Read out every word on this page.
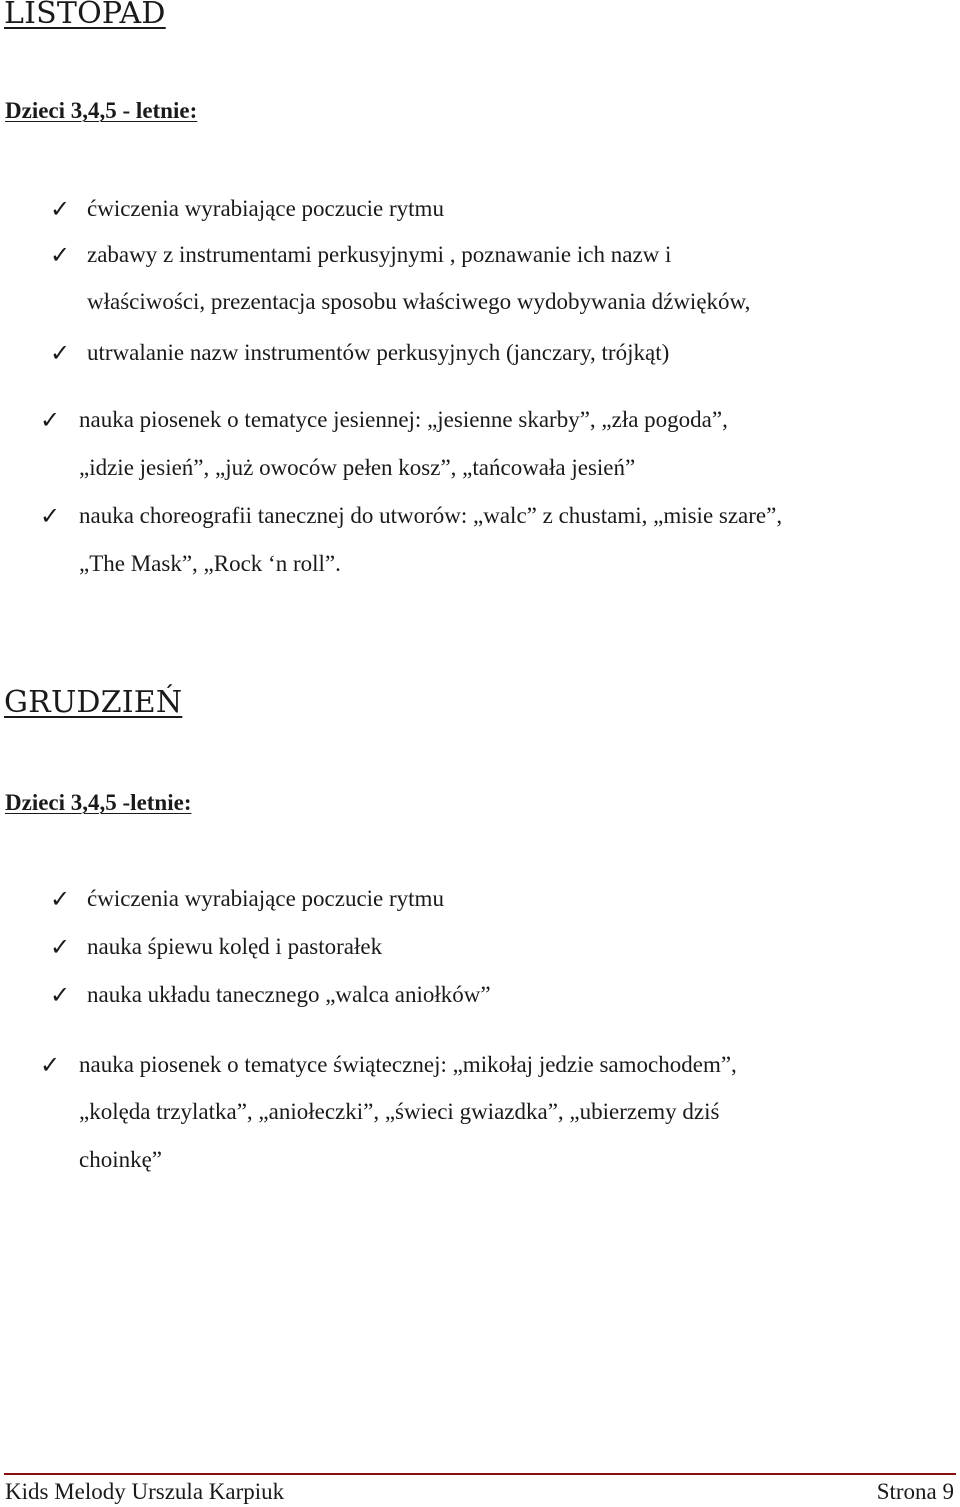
LISTOPAD
Dzieci 3,4,5 - letnie:
✓ ćwiczenia wyrabiające poczucie rytmu
✓ zabawy z instrumentami perkusyjnymi , poznawanie ich nazw i
właściwości, prezentacja sposobu właściwego wydobywania dźwięków,
✓ utrwalanie nazw instrumentów perkusyjnych (janczary, trójkąt)
✓ nauka piosenek o tematyce jesiennej: „jesienne skarby”, „zła pogoda”,
„idzie jesień”, „już owoców pełen kosz”, „tańcowała jesień”
✓ nauka choreografii tanecznej do utworów: „walc” z chustami, „misie szare”,
„The Mask”, „Rock ‘n roll”.
GRUDZIEŃ
Dzieci 3,4,5 -letnie:
✓ ćwiczenia wyrabiające poczucie rytmu
✓ nauka śpiewu kolęd i pastorałek
✓ nauka układu tanecznego „walca aniołków”
✓ nauka piosenek o tematyce świątecznej: „mikołaj jedzie samochodem”,
„kolęda trzylatka”, „aniołeczki”, „świeci gwiazdka”, „ubierzemy dziś
choinkę”
Kids Melody Urszula Karpiuk	Strona 9
